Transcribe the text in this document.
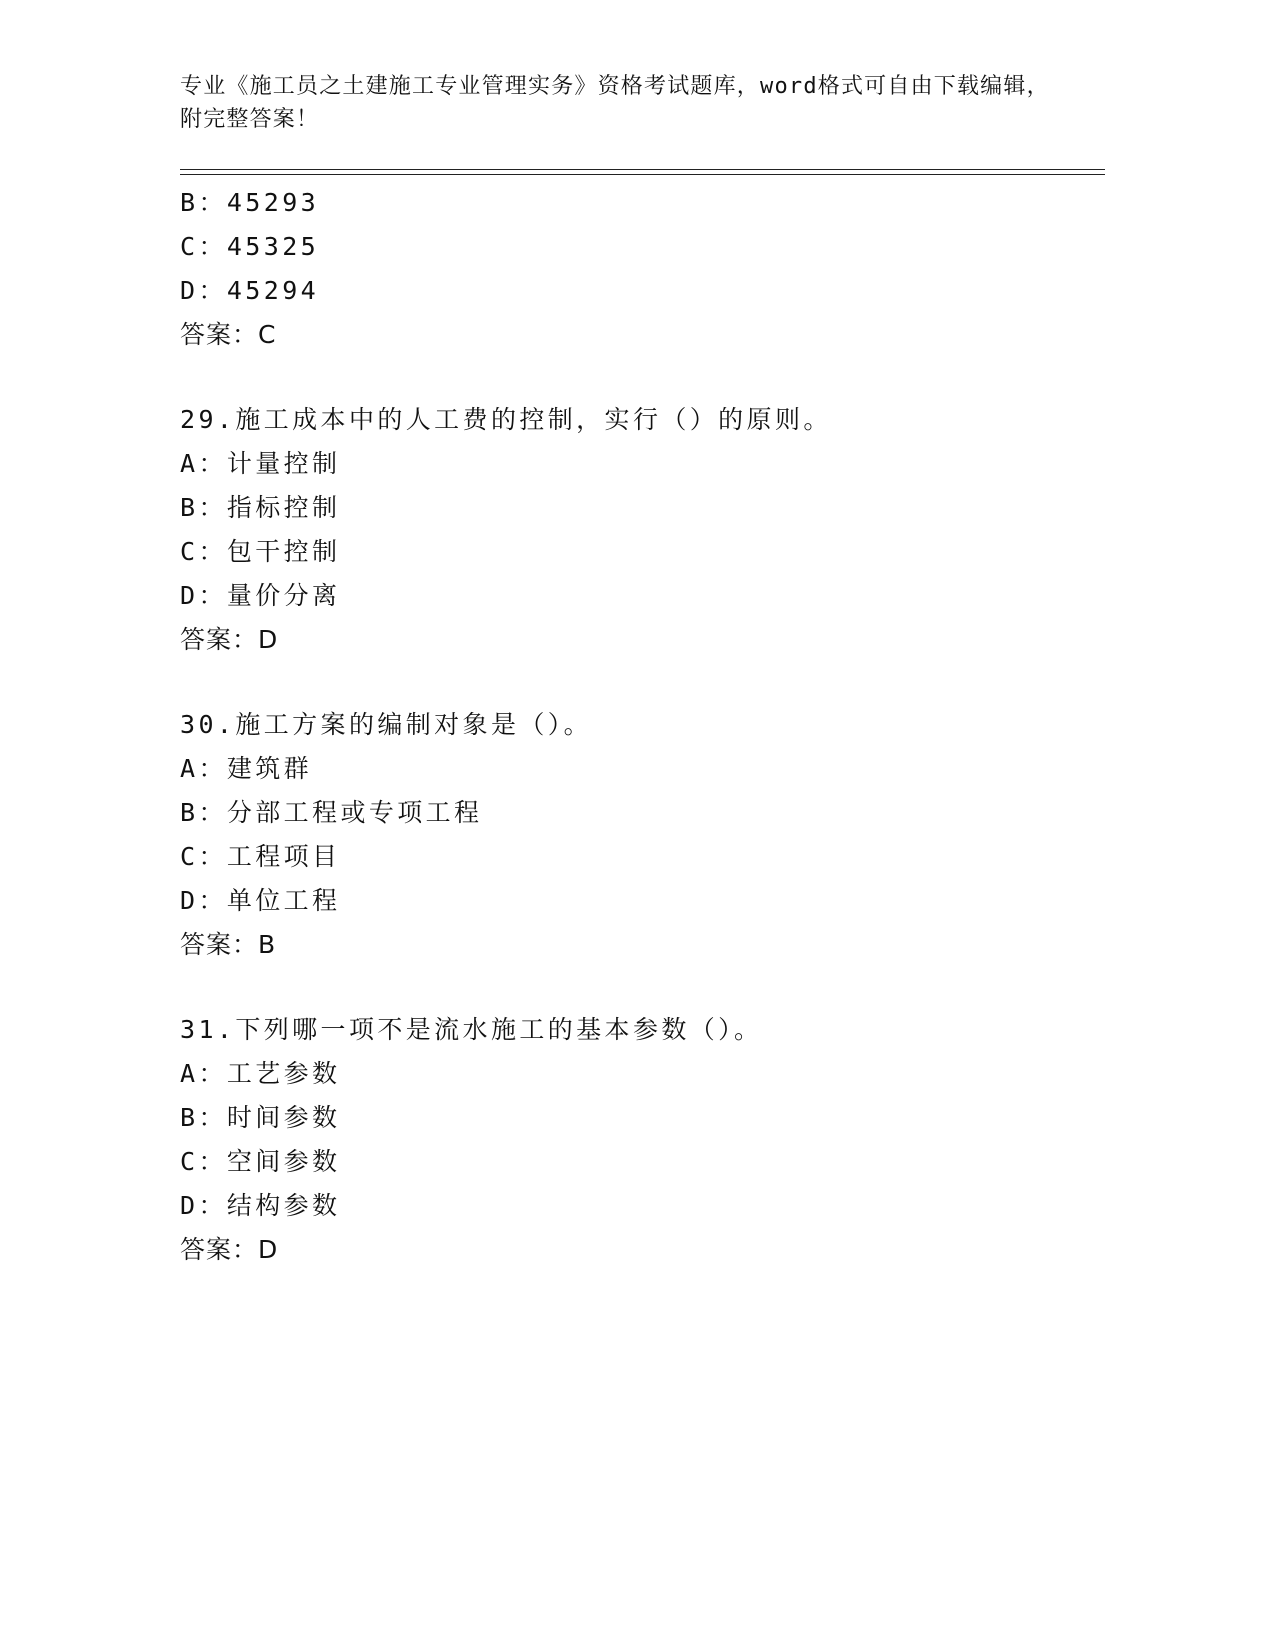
专业《施工员之土建施工专业管理实务》资格考试题库，word格式可自由下载编辑，附完整答案！
B：45293
C：45325
D：45294
答案：C
29.施工成本中的人工费的控制，实行（）的原则。
A：计量控制
B：指标控制
C：包干控制
D：量价分离
答案：D
30.施工方案的编制对象是（）。
A：建筑群
B：分部工程或专项工程
C：工程项目
D：单位工程
答案：B
31.下列哪一项不是流水施工的基本参数（）。
A：工艺参数
B：时间参数
C：空间参数
D：结构参数
答案：D
